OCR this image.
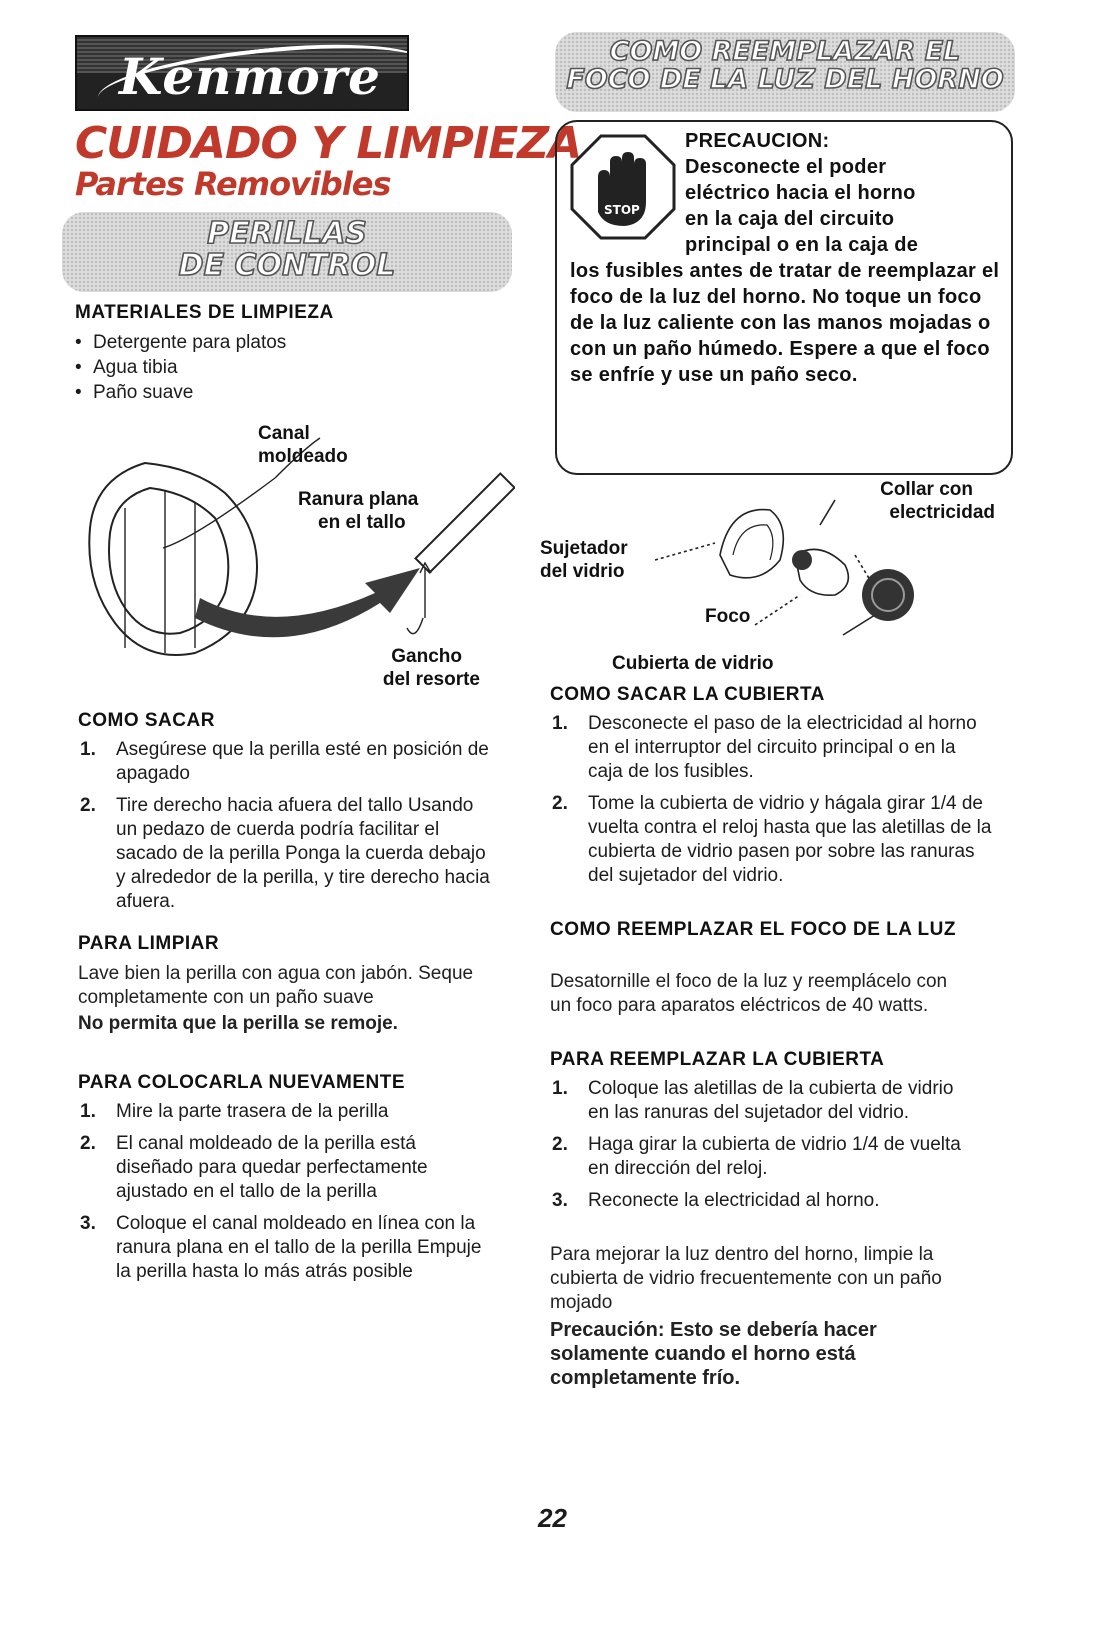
Kenmore
CUIDADO Y LIMPIEZA
Partes Removibles
PERILLAS
DE CONTROL
MATERIALES DE LIMPIEZA
• Detergente para platos
• Agua tibia
• Paño suave
Canal
moldeado
Ranura plana
en el tallo
Gancho
del resorte
COMO SACAR
1. Asegúrese que la perilla esté en posición de apagado
2. Tire derecho hacia afuera del tallo Usando un pedazo de cuerda podría facilitar el sacado de la perilla Ponga la cuerda debajo y alrededor de la perilla, y tire derecho hacia afuera.
PARA LIMPIAR
Lave bien la perilla con agua con jabón. Seque completamente con un paño suave
No permita que la perilla se remoje.
PARA COLOCARLA NUEVAMENTE
1. Mire la parte trasera de la perilla
2. El canal moldeado de la perilla está diseñado para quedar perfectamente ajustado en el tallo de la perilla
3. Coloque el canal moldeado en línea con la ranura plana en el tallo de la perilla Empuje la perilla hasta lo más atrás posible
COMO REEMPLAZAR EL
FOCO DE LA LUZ DEL HORNO
STOP
PRECAUCION:
Desconecte el poder
eléctrico hacia el horno
en la caja del circuito
principal o en la caja de
los fusibles antes de tratar de reemplazar el foco de la luz del horno. No toque un foco de la luz caliente con las manos mojadas o con un paño húmedo. Espere a que el foco se enfríe y use un paño seco.
Collar con
electricidad
Sujetador
del vidrio
Foco
Cubierta de vidrio
COMO SACAR LA CUBIERTA
1. Desconecte el paso de la electricidad al horno en el interruptor del circuito principal o en la caja de los fusibles.
2. Tome la cubierta de vidrio y hágala girar 1/4 de vuelta contra el reloj hasta que las aletillas de la cubierta de vidrio pasen por sobre las ranuras del sujetador del vidrio.
COMO REEMPLAZAR EL FOCO DE LA LUZ
Desatornille el foco de la luz y reemplácelo con un foco para aparatos eléctricos de 40 watts.
PARA REEMPLAZAR LA CUBIERTA
1. Coloque las aletillas de la cubierta de vidrio en las ranuras del sujetador del vidrio.
2. Haga girar la cubierta de vidrio 1/4 de vuelta en dirección del reloj.
3. Reconecte la electricidad al horno.
Para mejorar la luz dentro del horno, limpie la cubierta de vidrio frecuentemente con un paño mojado
Precaución: Esto se debería hacer solamente cuando el horno está completamente frío.
22
